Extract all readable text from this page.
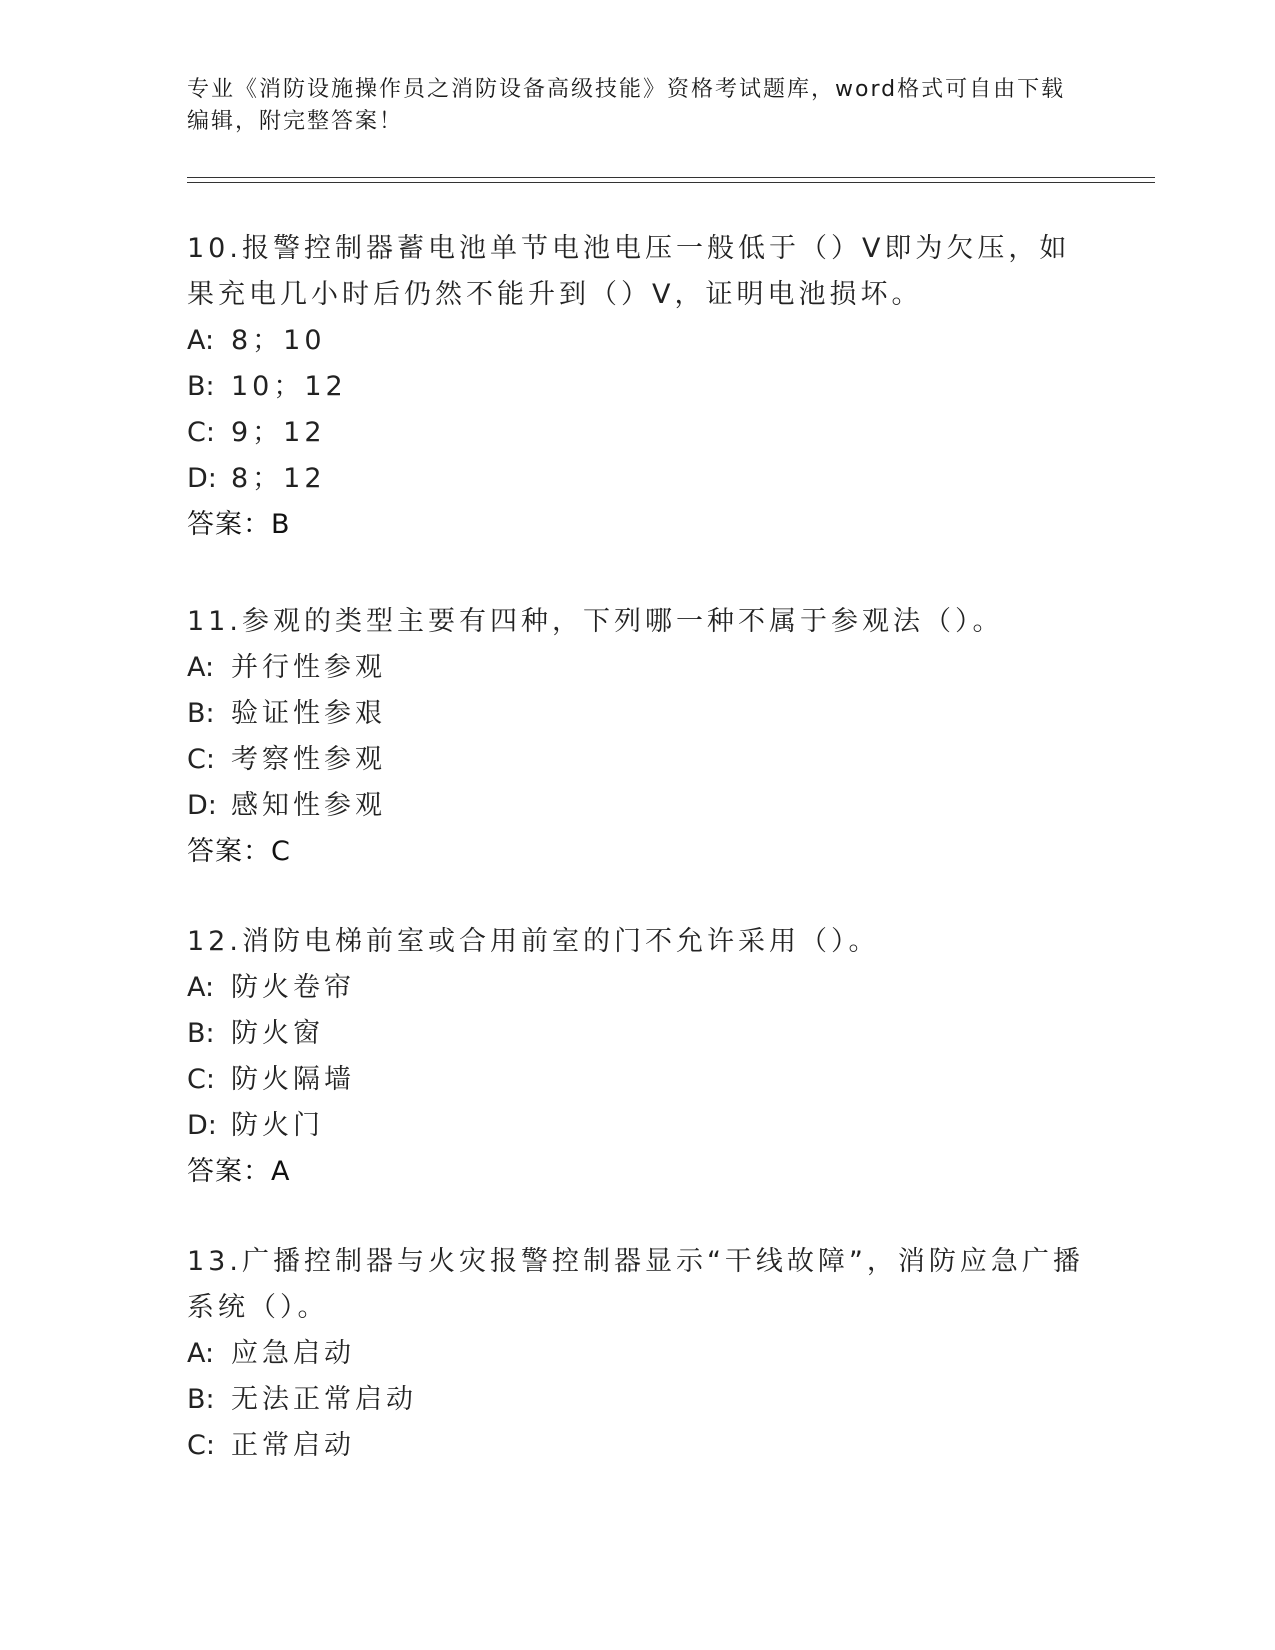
专业《消防设施操作员之消防设备高级技能》资格考试题库，word格式可自由下载编辑，附完整答案！

10.报警控制器蓄电池单节电池电压一般低于（）V即为欠压，如果充电几小时后仍然不能升到（）V，证明电池损坏。

A: 8；10

B: 10；12

C: 9；12

D: 8；12

答案：B

11.参观的类型主要有四种，下列哪一种不属于参观法（）。

A: 并行性参观

B: 验证性参艰

C: 考察性参观

D: 感知性参观

答案：C

12.消防电梯前室或合用前室的门不允许采用（）。

A: 防火卷帘

B: 防火窗

C: 防火隔墙

D: 防火门

答案：A

13.广播控制器与火灾报警控制器显示“干线故障”，消防应急广播系统（）。

A: 应急启动

B: 无法正常启动

C: 正常启动
